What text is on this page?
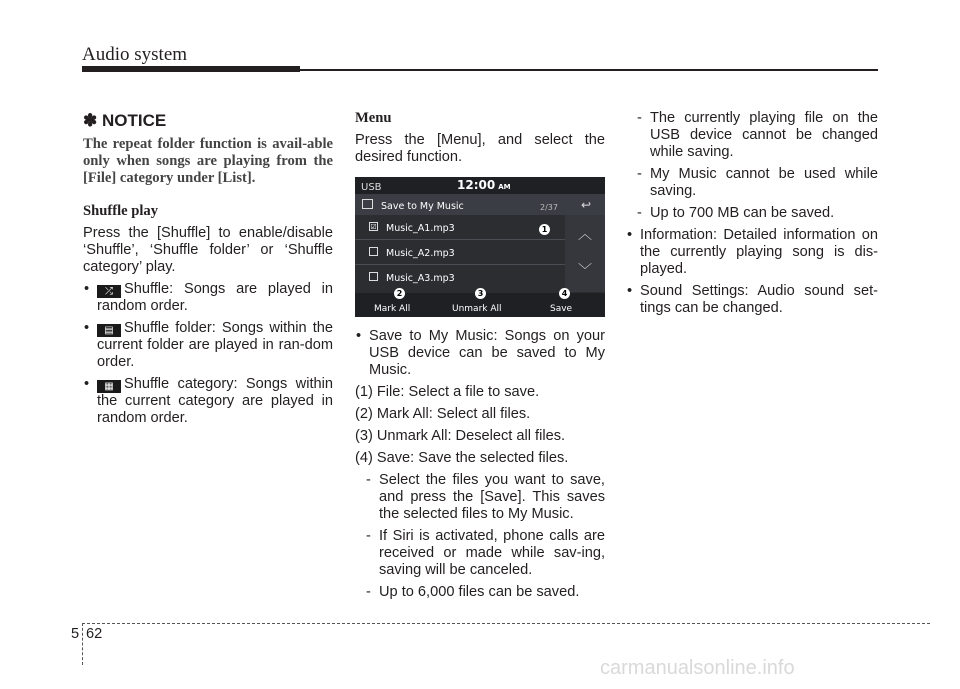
Audio system
✽ NOTICE
The repeat folder function is avail-able only when songs are playing from the [File] category under [List].
Shuffle play

Press the [Shuffle] to enable/disable ‘Shuffle’, ‘Shuffle folder’ or ‘Shuffle category’ play.

• ⤮ Shuffle: Songs are played in random order.
• ▤ Shuffle folder: Songs within the current folder are played in ran-dom order.
• ▦ Shuffle category: Songs within the current category are played in random order.
Menu

Press the [Menu], and select the desired function.

USB	12:00 AM
Save to My Music	2/37 ↩
☑ Music_A1.mp3
Music_A2.mp3
Music_A3.mp3
︿
﹀
Mark All	Unmark All	Save
1
2	3	4
• Save to My Music: Songs on your USB device can be saved to My Music.
(1) File: Select a file to save.
(2) Mark All: Select all files.
(3) Unmark All: Deselect all files.
(4) Save: Save the selected files.
- Select the files you want to save, and press the [Save]. This saves the selected files to My Music.
- If Siri is activated, phone calls are received or made while sav-ing, saving will be canceled.
- Up to 6,000 files can be saved.
- The currently playing file on the USB device cannot be changed while saving.
- My Music cannot be used while saving.
- Up to 700 MB can be saved.
• Information: Detailed information on the currently playing song is dis-played.
• Sound Settings: Audio sound set-tings can be changed.
5 62
carmanualsonline.info
